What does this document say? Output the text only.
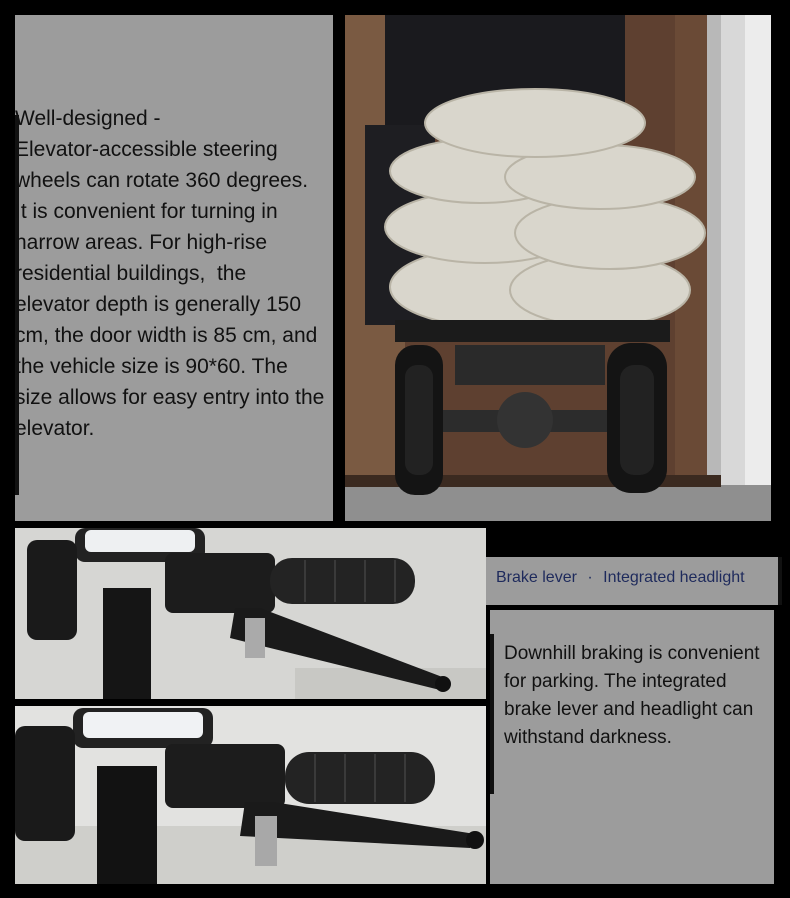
Well-designed -
Elevator-accessible steering wheels can rotate 360 degrees. It is convenient for turning in narrow areas. For high-rise residential buildings,  the elevator depth is generally 150 cm, the door width is 85 cm, and the vehicle size is 90*60. The size allows for easy entry into the elevator.

Brake lever · Integrated headlight

Downhill braking is convenient for parking. The integrated brake lever and headlight can withstand darkness.
